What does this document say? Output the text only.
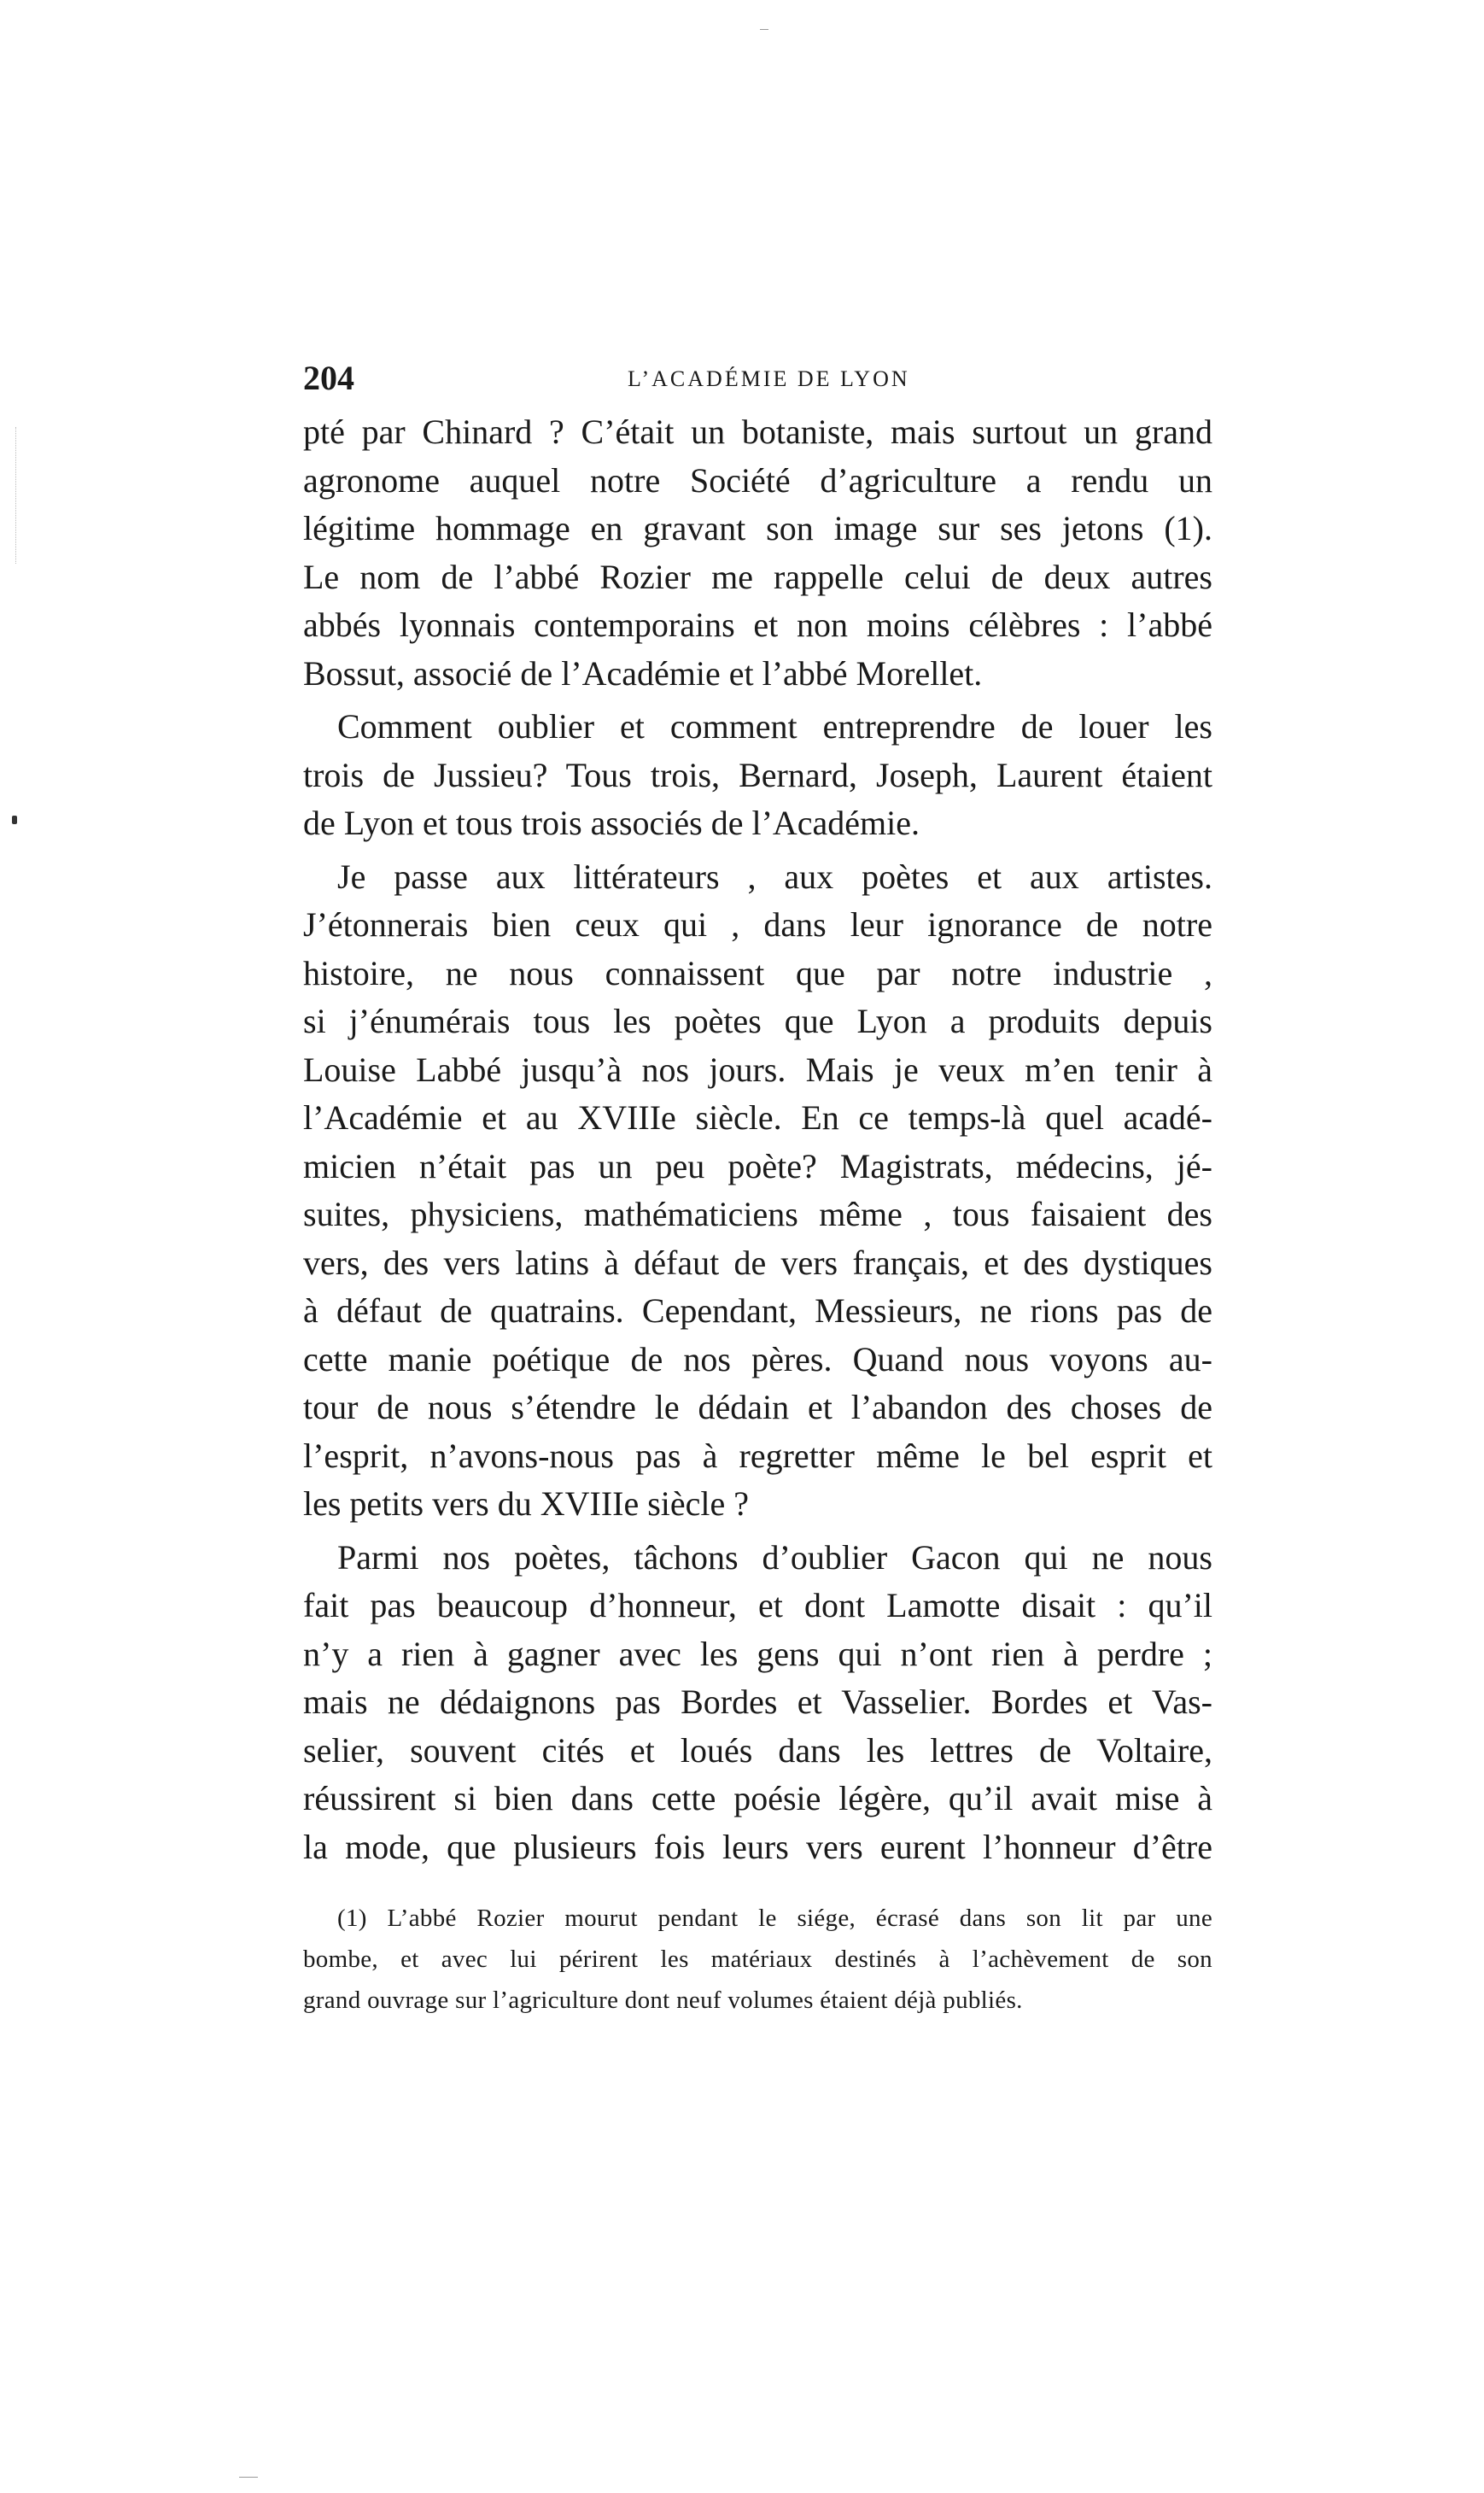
204	L’ACADÉMIE DE LYON

pté par Chinard ? C’était un botaniste, mais surtout un grand
agronome auquel notre Société d’agriculture a rendu un
légitime hommage en gravant son image sur ses jetons (1).
Le nom de l’abbé Rozier me rappelle celui de deux autres
abbés lyonnais contemporains et non moins célèbres : l’abbé
Bossut, associé de l’Académie et l’abbé Morellet.

Comment oublier et comment entreprendre de louer les
trois de Jussieu? Tous trois, Bernard, Joseph, Laurent étaient
de Lyon et tous trois associés de l’Académie.

Je passe aux littérateurs , aux poètes et aux artistes.
J’étonnerais bien ceux qui , dans leur ignorance de notre
histoire, ne nous connaissent que par notre industrie ,
si j’énumérais tous les poètes que Lyon a produits depuis
Louise Labbé jusqu’à nos jours. Mais je veux m’en tenir à
l’Académie et au XVIIIe siècle. En ce temps-là quel acadé-
micien n’était pas un peu poète? Magistrats, médecins, jé-
suites, physiciens, mathématiciens même , tous faisaient des
vers, des vers latins à défaut de vers français, et des dystiques
à défaut de quatrains. Cependant, Messieurs, ne rions pas de
cette manie poétique de nos pères. Quand nous voyons au-
tour de nous s’étendre le dédain et l’abandon des choses de
l’esprit, n’avons-nous pas à regretter même le bel esprit et
les petits vers du XVIIIe siècle ?

Parmi nos poètes, tâchons d’oublier Gacon qui ne nous
fait pas beaucoup d’honneur, et dont Lamotte disait : qu’il
n’y a rien à gagner avec les gens qui n’ont rien à perdre ;
mais ne dédaignons pas Bordes et Vasselier. Bordes et Vas-
selier, souvent cités et loués dans les lettres de Voltaire,
réussirent si bien dans cette poésie légère, qu’il avait mise à
la mode, que plusieurs fois leurs vers eurent l’honneur d’être

(1) L’abbé Rozier mourut pendant le siége, écrasé dans son lit par une
bombe, et avec lui périrent les matériaux destinés à l’achèvement de son
grand ouvrage sur l’agriculture dont neuf volumes étaient déjà publiés.
